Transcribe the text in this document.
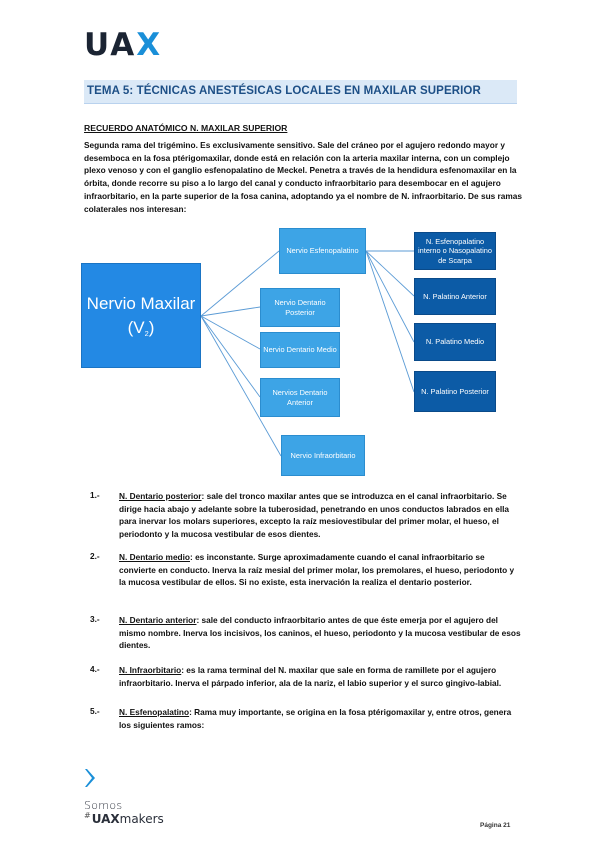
UAX
TEMA 5: TÉCNICAS ANESTÉSICAS LOCALES EN MAXILAR SUPERIOR
RECUERDO ANATÓMICO N. MAXILAR SUPERIOR

Segunda rama del trigémino. Es exclusivamente sensitivo. Sale del cráneo por el agujero redondo mayor y desemboca en la fosa ptérigomaxilar, donde está en relación con la arteria maxilar interna, con un complejo plexo venoso y con el ganglio esfenopalatino de Meckel. Penetra a través de la hendidura esfenomaxilar en la órbita, donde recorre su piso a lo largo del canal y conducto infraorbitario para desembocar en el agujero infraorbitario, en la parte superior de la fosa canina, adoptando ya el nombre de N. infraorbitario. De sus ramas colaterales nos interesan:

Nervio Maxilar
(V2)
Nervio Esfenopalatino
Nervio Dentario Posterior
Nervio Dentario Medio
Nervios Dentario Anterior
Nervio Infraorbitario
N. Esfenopalatino interno o Nasopalatino de Scarpa
N. Palatino Anterior
N. Palatino Medio
N. Palatino Posterior
1.- N. Dentario posterior: sale del tronco maxilar antes que se introduzca en el canal infraorbitario. Se dirige hacia abajo y adelante sobre la tuberosidad, penetrando en unos conductos labrados en ella para inervar los molars superiores, excepto la raíz mesiovestibular del primer molar, el hueso, el periodonto y la mucosa vestibular de esos dientes.

2.- N. Dentario medio: es inconstante. Surge aproximadamente cuando el canal infraorbitario se convierte en conducto. Inerva la raíz mesial del primer molar, los premolares, el hueso, periodonto y la mucosa vestibular de ellos. Si no existe, esta inervación la realiza el dentario posterior.

3.- N. Dentario anterior: sale del conducto infraorbitario antes de que éste emerja por el agujero del mismo nombre. Inerva los incisivos, los caninos, el hueso, periodonto y la mucosa vestibular de esos dientes.

4.- N. Infraorbitario: es la rama terminal del N. maxilar que sale en forma de ramillete por el agujero infraorbitario. Inerva el párpado inferior, ala de la nariz, el labio superior y el surco gingivo-labial.

5.- N. Esfenopalatino: Rama muy importante, se origina en la fosa ptérigomaxilar y, entre otros, genera los siguientes ramos:

Somos
#UAXmakers	Página 21
